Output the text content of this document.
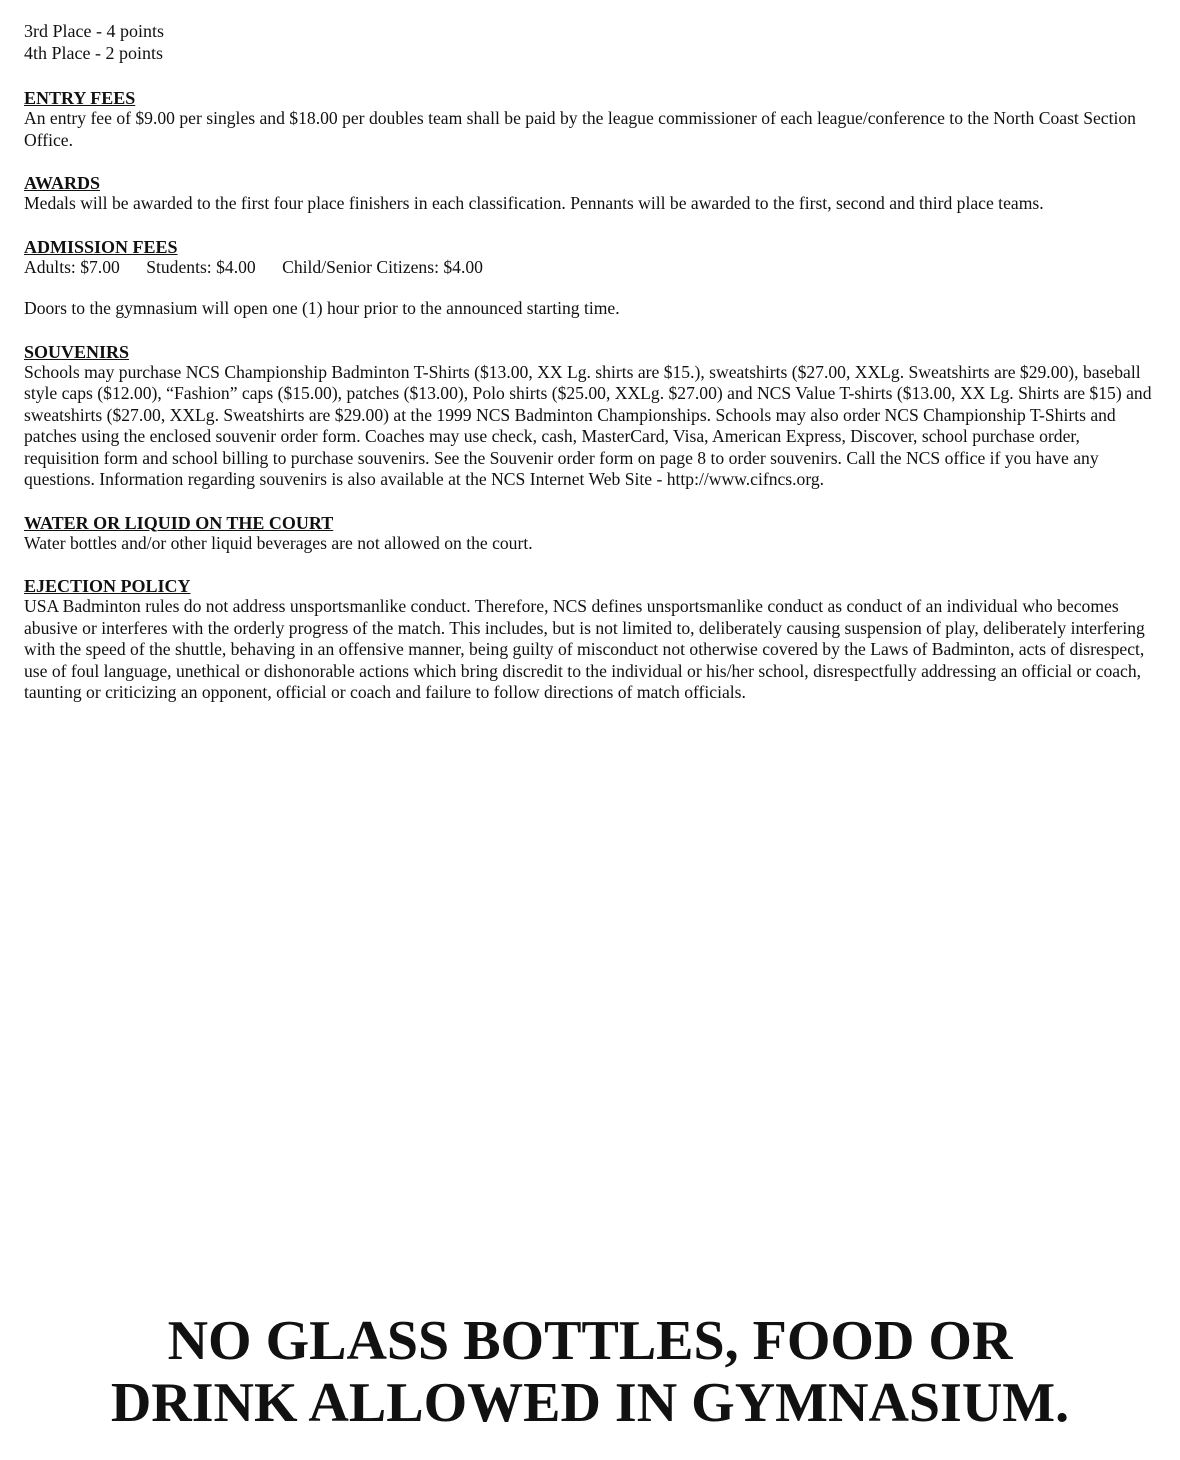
3rd Place - 4 points

4th Place - 2 points

ENTRY FEES

An entry fee of $9.00 per singles and $18.00 per doubles team shall be paid by the league commissioner of each league/conference to the North Coast Section Office.

AWARDS

Medals will be awarded to the first four place finishers in each classification. Pennants will be awarded to the first, second and third place teams.

ADMISSION FEES

Adults: $7.00 Students: $4.00 Child/Senior Citizens: $4.00

Doors to the gymnasium will open one (1) hour prior to the announced starting time.

SOUVENIRS

Schools may purchase NCS Championship Badminton T-Shirts ($13.00, XX Lg. shirts are $15.), sweatshirts ($27.00, XXLg. Sweatshirts are $29.00), baseball style caps ($12.00), “Fashion” caps ($15.00), patches ($13.00), Polo shirts ($25.00, XXLg. $27.00) and NCS Value T-shirts ($13.00, XX Lg. Shirts are $15) and sweatshirts ($27.00, XXLg. Sweatshirts are $29.00) at the 1999 NCS Badminton Championships. Schools may also order NCS Championship T-Shirts and patches using the enclosed souvenir order form. Coaches may use check, cash, MasterCard, Visa, American Express, Discover, school purchase order, requisition form and school billing to purchase souvenirs. See the Souvenir order form on page 8 to order souvenirs. Call the NCS office if you have any questions. Information regarding souvenirs is also available at the NCS Internet Web Site - http://www.cifncs.org.

WATER OR LIQUID ON THE COURT

Water bottles and/or other liquid beverages are not allowed on the court.

EJECTION POLICY

USA Badminton rules do not address unsportsmanlike conduct. Therefore, NCS defines unsportsmanlike conduct as conduct of an individual who becomes abusive or interferes with the orderly progress of the match. This includes, but is not limited to, deliberately causing suspension of play, deliberately interfering with the speed of the shuttle, behaving in an offensive manner, being guilty of misconduct not otherwise covered by the Laws of Badminton, acts of disrespect, use of foul language, unethical or dishonorable actions which bring discredit to the individual or his/her school, disrespectfully addressing an official or coach, taunting or criticizing an opponent, official or coach and failure to follow directions of match officials.

NO GLASS BOTTLES, FOOD OR
DRINK ALLOWED IN GYMNASIUM.
